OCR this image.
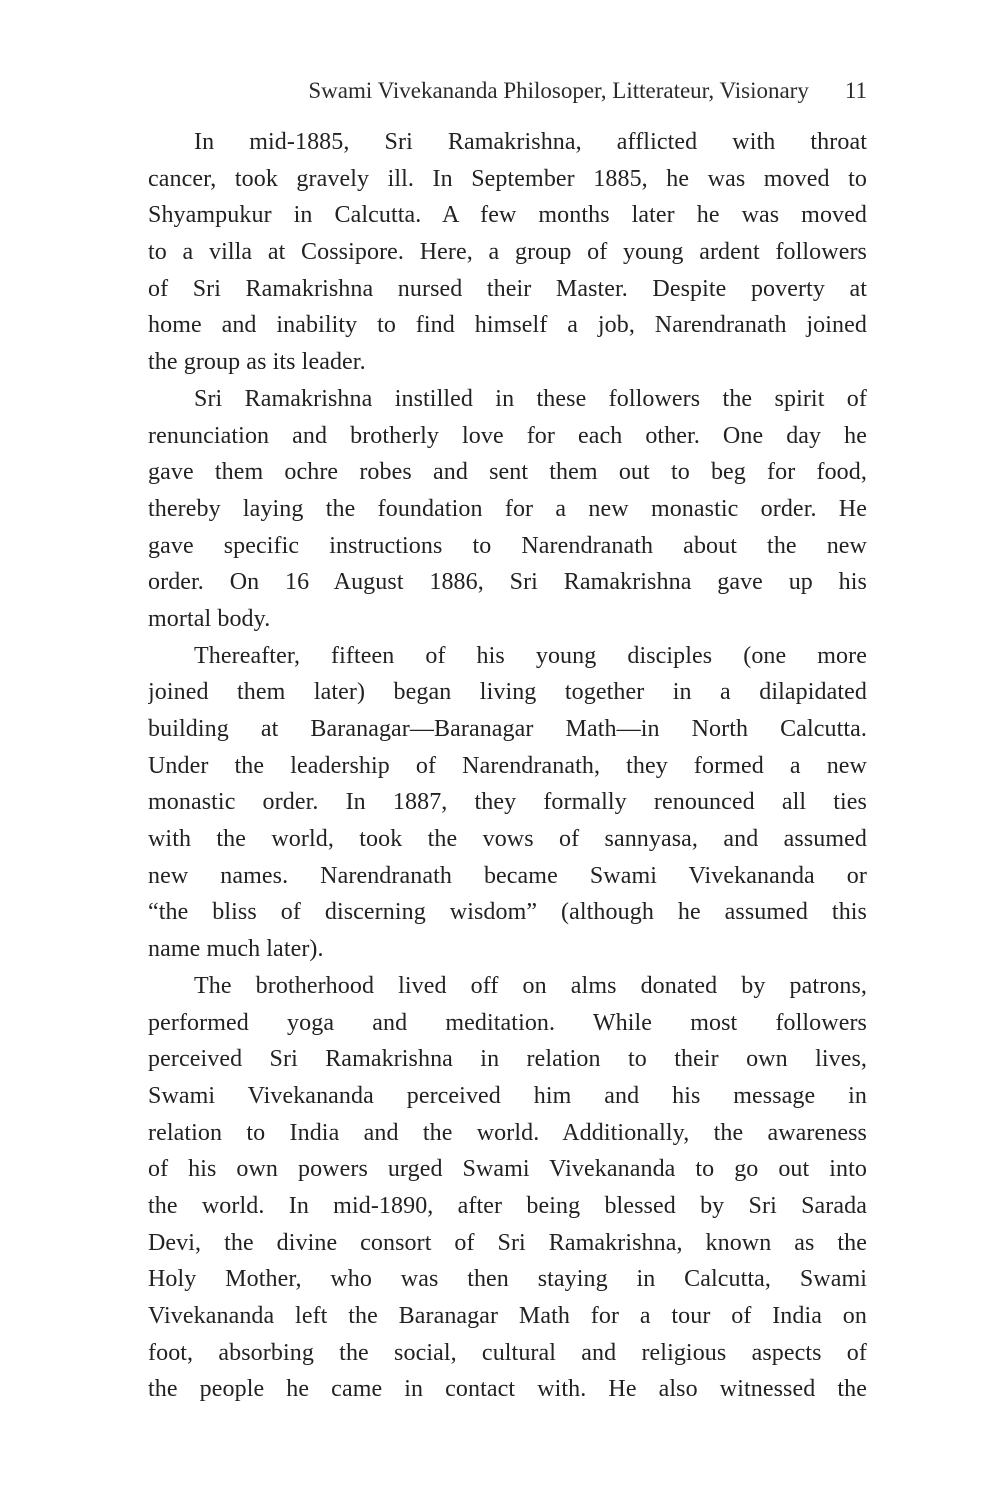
Swami Vivekananda Philosoper, Litterateur, Visionary 11
In mid-1885, Sri Ramakrishna, afflicted with throat
cancer, took gravely ill. In September 1885, he was moved to
Shyampukur in Calcutta. A few months later he was moved
to a villa at Cossipore. Here, a group of young ardent followers
of Sri Ramakrishna nursed their Master. Despite poverty at
home and inability to find himself a job, Narendranath joined
the group as its leader.
Sri Ramakrishna instilled in these followers the spirit of
renunciation and brotherly love for each other. One day he
gave them ochre robes and sent them out to beg for food,
thereby laying the foundation for a new monastic order. He
gave specific instructions to Narendranath about the new
order. On 16 August 1886, Sri Ramakrishna gave up his
mortal body.
Thereafter, fifteen of his young disciples (one more
joined them later) began living together in a dilapidated
building at Baranagar—Baranagar Math—in North Calcutta.
Under the leadership of Narendranath, they formed a new
monastic order. In 1887, they formally renounced all ties
with the world, took the vows of sannyasa, and assumed
new names. Narendranath became Swami Vivekananda or
“the bliss of discerning wisdom” (although he assumed this
name much later).
The brotherhood lived off on alms donated by patrons,
performed yoga and meditation. While most followers
perceived Sri Ramakrishna in relation to their own lives,
Swami Vivekananda perceived him and his message in
relation to India and the world. Additionally, the awareness
of his own powers urged Swami Vivekananda to go out into
the world. In mid-1890, after being blessed by Sri Sarada
Devi, the divine consort of Sri Ramakrishna, known as the
Holy Mother, who was then staying in Calcutta, Swami
Vivekananda left the Baranagar Math for a tour of India on
foot, absorbing the social, cultural and religious aspects of
the people he came in contact with. He also witnessed the
